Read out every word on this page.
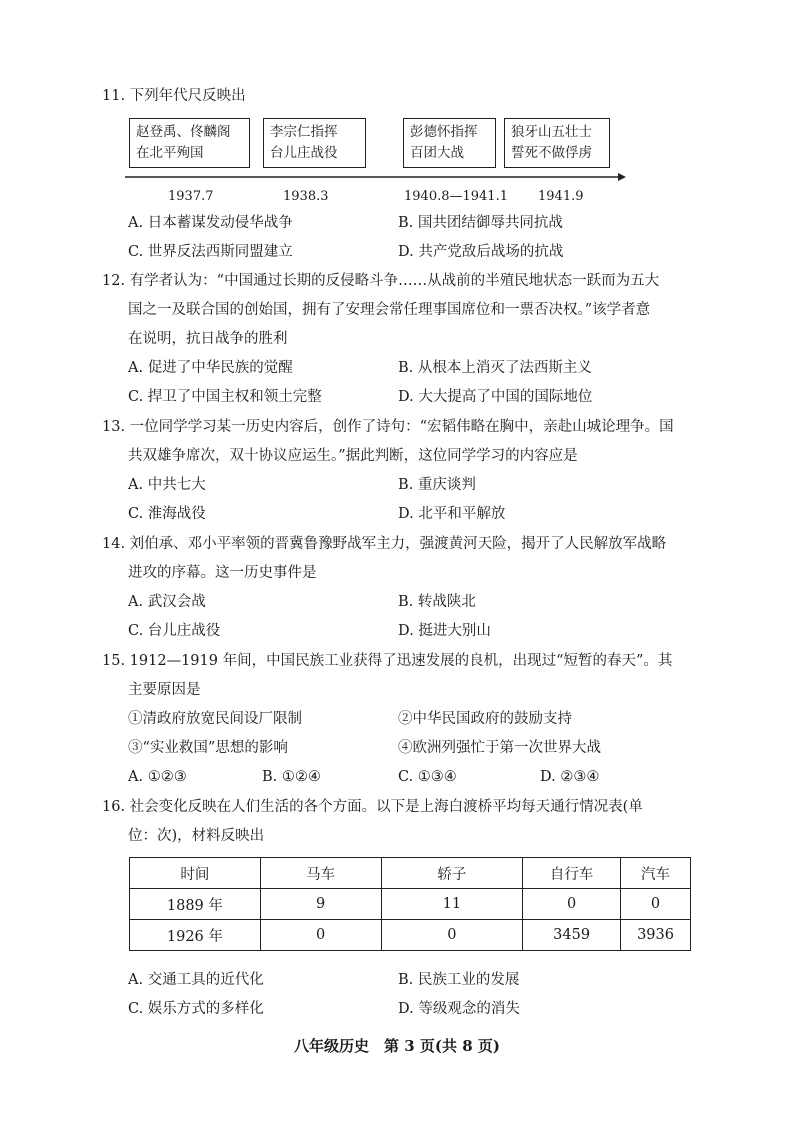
11. 下列年代尺反映出
赵登禹、佟麟阁
在北平殉国
李宗仁指挥
台儿庄战役
彭德怀指挥
百团大战
狼牙山五壮士
誓死不做俘虏
1937.7	1938.3	1940.8—1941.1 1941.9
A. 日本蓄谋发动侵华战争	B. 国共团结御辱共同抗战
C. 世界反法西斯同盟建立	D. 共产党敌后战场的抗战
12. 有学者认为：“中国通过长期的反侵略斗争……从战前的半殖民地状态一跃而为五大
国之一及联合国的创始国，拥有了安理会常任理事国席位和一票否决权。”该学者意
在说明，抗日战争的胜利
A. 促进了中华民族的觉醒	B. 从根本上消灭了法西斯主义
C. 捍卫了中国主权和领土完整	D. 大大提高了中国的国际地位
13. 一位同学学习某一历史内容后，创作了诗句：“宏韬伟略在胸中，亲赴山城论理争。国
共双雄争席次，双十协议应运生。”据此判断，这位同学学习的内容应是
A. 中共七大	B. 重庆谈判
C. 淮海战役	D. 北平和平解放
14. 刘伯承、邓小平率领的晋冀鲁豫野战军主力，强渡黄河天险，揭开了人民解放军战略
进攻的序幕。这一历史事件是
A. 武汉会战	B. 转战陕北
C. 台儿庄战役	D. 挺进大别山
15. 1912—1919 年间，中国民族工业获得了迅速发展的良机，出现过“短暂的春天”。其
主要原因是
①清政府放宽民间设厂限制	②中华民国政府的鼓励支持
③“实业救国”思想的影响	④欧洲列强忙于第一次世界大战
A. ①②③	B. ①②④	C. ①③④	D. ②③④
16. 社会变化反映在人们生活的各个方面。以下是上海白渡桥平均每天通行情况表(单
位：次)，材料反映出
时间	马车	轿子	自行车	汽车
1889 年	9	11	0	0
1926 年	0	0	3459	3936
A. 交通工具的近代化	B. 民族工业的发展
C. 娱乐方式的多样化	D. 等级观念的消失
八年级历史　第 3 页(共 8 页)
